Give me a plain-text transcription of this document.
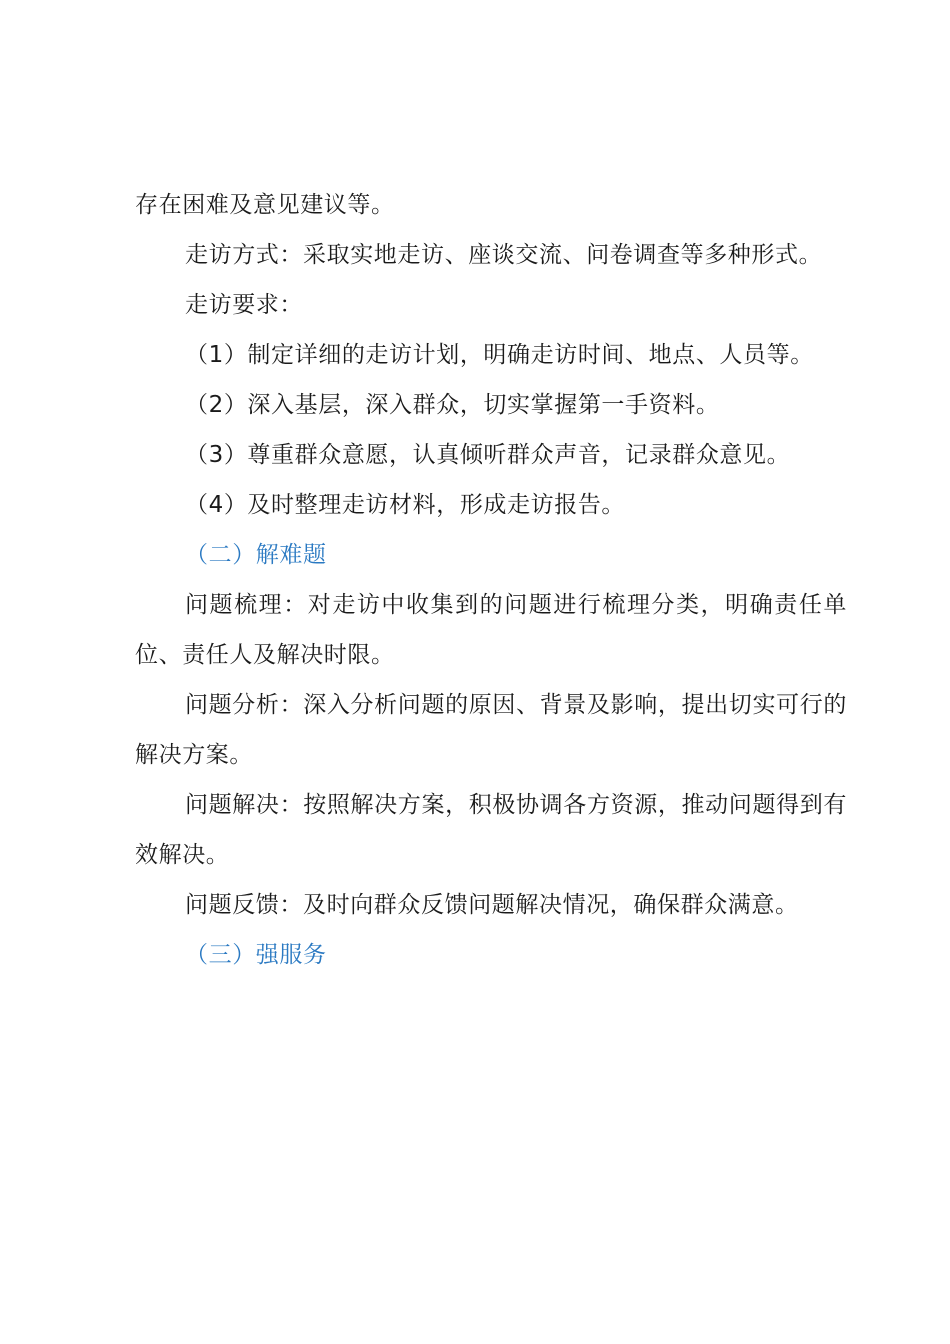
存在困难及意见建议等。

走访方式：采取实地走访、座谈交流、问卷调查等多种形式。

走访要求：

（1）制定详细的走访计划，明确走访时间、地点、人员等。

（2）深入基层，深入群众，切实掌握第一手资料。

（3）尊重群众意愿，认真倾听群众声音，记录群众意见。

（4）及时整理走访材料，形成走访报告。

（二）解难题

问题梳理：对走访中收集到的问题进行梳理分类，明确责任单位、责任人及解决时限。

问题分析：深入分析问题的原因、背景及影响，提出切实可行的解决方案。

问题解决：按照解决方案，积极协调各方资源，推动问题得到有效解决。

问题反馈：及时向群众反馈问题解决情况，确保群众满意。

（三）强服务
